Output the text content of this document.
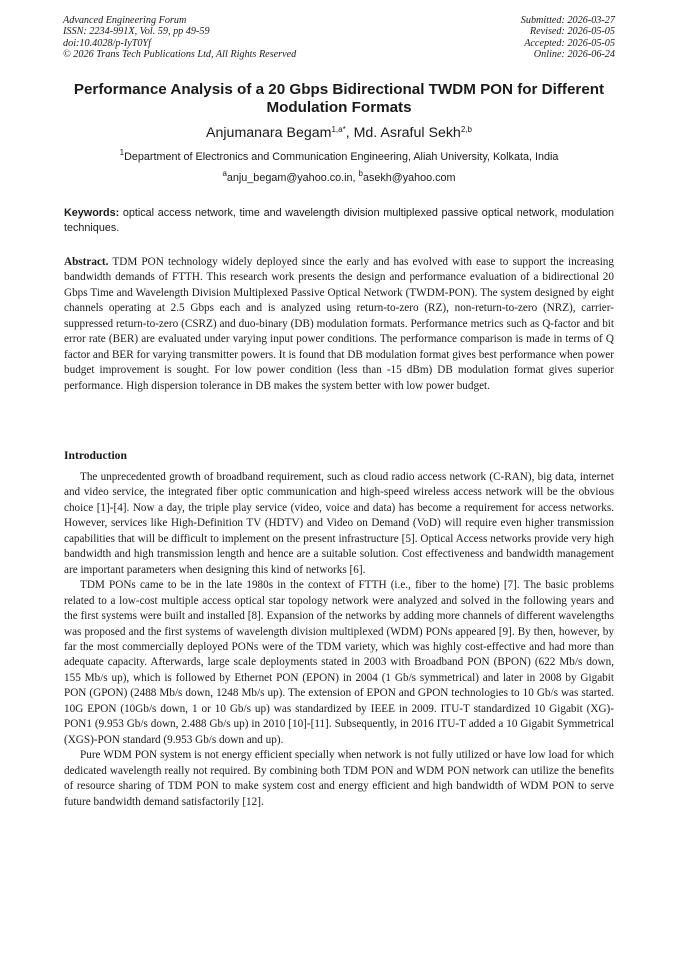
Advanced Engineering Forum
ISSN: 2234-991X, Vol. 59, pp 49-59
doi:10.4028/p-IyT0Yf
© 2026 Trans Tech Publications Ltd, All Rights Reserved
Submitted: 2026-03-27
Revised: 2026-05-05
Accepted: 2026-05-05
Online: 2026-06-24
Performance Analysis of a 20 Gbps Bidirectional TWDM PON for Different Modulation Formats
Anjumanara Begam$^{1,a*}$, Md. Asraful Sekh$^{2,b}$
$^1$Department of Electronics and Communication Engineering, Aliah University, Kolkata, India
$^a$anju_begam@yahoo.co.in, $^b$asekh@yahoo.com
Keywords: optical access network, time and wavelength division multiplexed passive optical network, modulation techniques.

Abstract. TDM PON technology widely deployed since the early and has evolved with ease to support the increasing bandwidth demands of FTTH. This research work presents the design and performance evaluation of a bidirectional 20 Gbps Time and Wavelength Division Multiplexed Passive Optical Network (TWDM-PON). The system designed by eight channels operating at 2.5 Gbps each and is analyzed using return-to-zero (RZ), non-return-to-zero (NRZ), carrier-suppressed return-to-zero (CSRZ) and duo-binary (DB) modulation formats. Performance metrics such as Q-factor and bit error rate (BER) are evaluated under varying input power conditions. The performance comparison is made in terms of Q factor and BER for varying transmitter powers. It is found that DB modulation format gives best performance when power budget improvement is sought. For low power condition (less than -15 dBm) DB modulation format gives superior performance. High dispersion tolerance in DB makes the system better with low power budget.

Introduction

The unprecedented growth of broadband requirement, such as cloud radio access network (C-RAN), big data, internet and video service, the integrated fiber optic communication and high-speed wireless access network will be the obvious choice [1]-[4]. Now a day, the triple play service (video, voice and data) has become a requirement for access networks. However, services like High-Definition TV (HDTV) and Video on Demand (VoD) will require even higher transmission capabilities that will be difficult to implement on the present infrastructure [5]. Optical Access networks provide very high bandwidth and high transmission length and hence are a suitable solution. Cost effectiveness and bandwidth management are important parameters when designing this kind of networks [6].

TDM PONs came to be in the late 1980s in the context of FTTH (i.e., fiber to the home) [7]. The basic problems related to a low-cost multiple access optical star topology network were analyzed and solved in the following years and the first systems were built and installed [8]. Expansion of the networks by adding more channels of different wavelengths was proposed and the first systems of wavelength division multiplexed (WDM) PONs appeared [9]. By then, however, by far the most commercially deployed PONs were of the TDM variety, which was highly cost-effective and had more than adequate capacity. Afterwards, large scale deployments stated in 2003 with Broadband PON (BPON) (622 Mb/s down, 155 Mb/s up), which is followed by Ethernet PON (EPON) in 2004 (1 Gb/s symmetrical) and later in 2008 by Gigabit PON (GPON) (2488 Mb/s down, 1248 Mb/s up). The extension of EPON and GPON technologies to 10 Gb/s was started. 10G EPON (10Gb/s down, 1 or 10 Gb/s up) was standardized by IEEE in 2009. ITU-T standardized 10 Gigabit (XG)-PON1 (9.953 Gb/s down, 2.488 Gb/s up) in 2010 [10]-[11]. Subsequently, in 2016 ITU-T added a 10 Gigabit Symmetrical (XGS)-PON standard (9.953 Gb/s down and up).

Pure WDM PON system is not energy efficient specially when network is not fully utilized or have low load for which dedicated wavelength really not required. By combining both TDM PON and WDM PON network can utilize the benefits of resource sharing of TDM PON to make system cost and energy efficient and high bandwidth of WDM PON to serve future bandwidth demand satisfactorily [12].
